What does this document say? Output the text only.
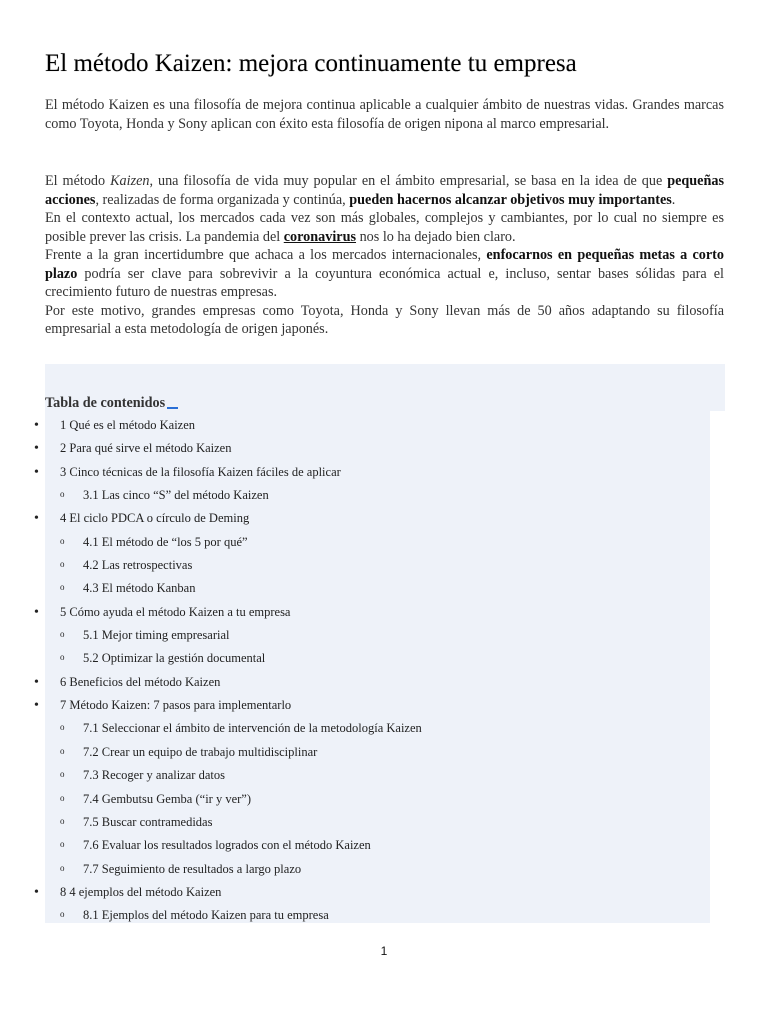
El método Kaizen: mejora continuamente tu empresa

El método Kaizen es una filosofía de mejora continua aplicable a cualquier ámbito de nuestras vidas. Grandes marcas como Toyota, Honda y Sony aplican con éxito esta filosofía de origen nipona al marco empresarial.

El método Kaizen, una filosofía de vida muy popular en el ámbito empresarial, se basa en la idea de que pequeñas acciones, realizadas de forma organizada y continúa, pueden hacernos alcanzar objetivos muy importantes.

En el contexto actual, los mercados cada vez son más globales, complejos y cambiantes, por lo cual no siempre es posible prever las crisis. La pandemia del coronavirus nos lo ha dejado bien claro.

Frente a la gran incertidumbre que achaca a los mercados internacionales, enfocarnos en pequeñas metas a corto plazo podría ser clave para sobrevivir a la coyuntura económica actual e, incluso, sentar bases sólidas para el crecimiento futuro de nuestras empresas.

Por este motivo, grandes empresas como Toyota, Honda y Sony llevan más de 50 años adaptando su filosofía empresarial a esta metodología de origen japonés.

Tabla de contenidos
• 1 Qué es el método Kaizen
• 2 Para qué sirve el método Kaizen
• 3 Cinco técnicas de la filosofía Kaizen fáciles de aplicar
o 3.1 Las cinco “S” del método Kaizen
• 4 El ciclo PDCA o círculo de Deming
o 4.1 El método de “los 5 por qué”
o 4.2 Las retrospectivas
o 4.3 El método Kanban
• 5 Cómo ayuda el método Kaizen a tu empresa
o 5.1 Mejor timing empresarial
o 5.2 Optimizar la gestión documental
• 6 Beneficios del método Kaizen
• 7 Método Kaizen: 7 pasos para implementarlo
o 7.1 Seleccionar el ámbito de intervención de la metodología Kaizen
o 7.2 Crear un equipo de trabajo multidisciplinar
o 7.3 Recoger y analizar datos
o 7.4 Gembutsu Gemba (“ir y ver”)
o 7.5 Buscar contramedidas
o 7.6 Evaluar los resultados logrados con el método Kaizen
o 7.7 Seguimiento de resultados a largo plazo
• 8 4 ejemplos del método Kaizen
o 8.1 Ejemplos del método Kaizen para tu empresa
1
